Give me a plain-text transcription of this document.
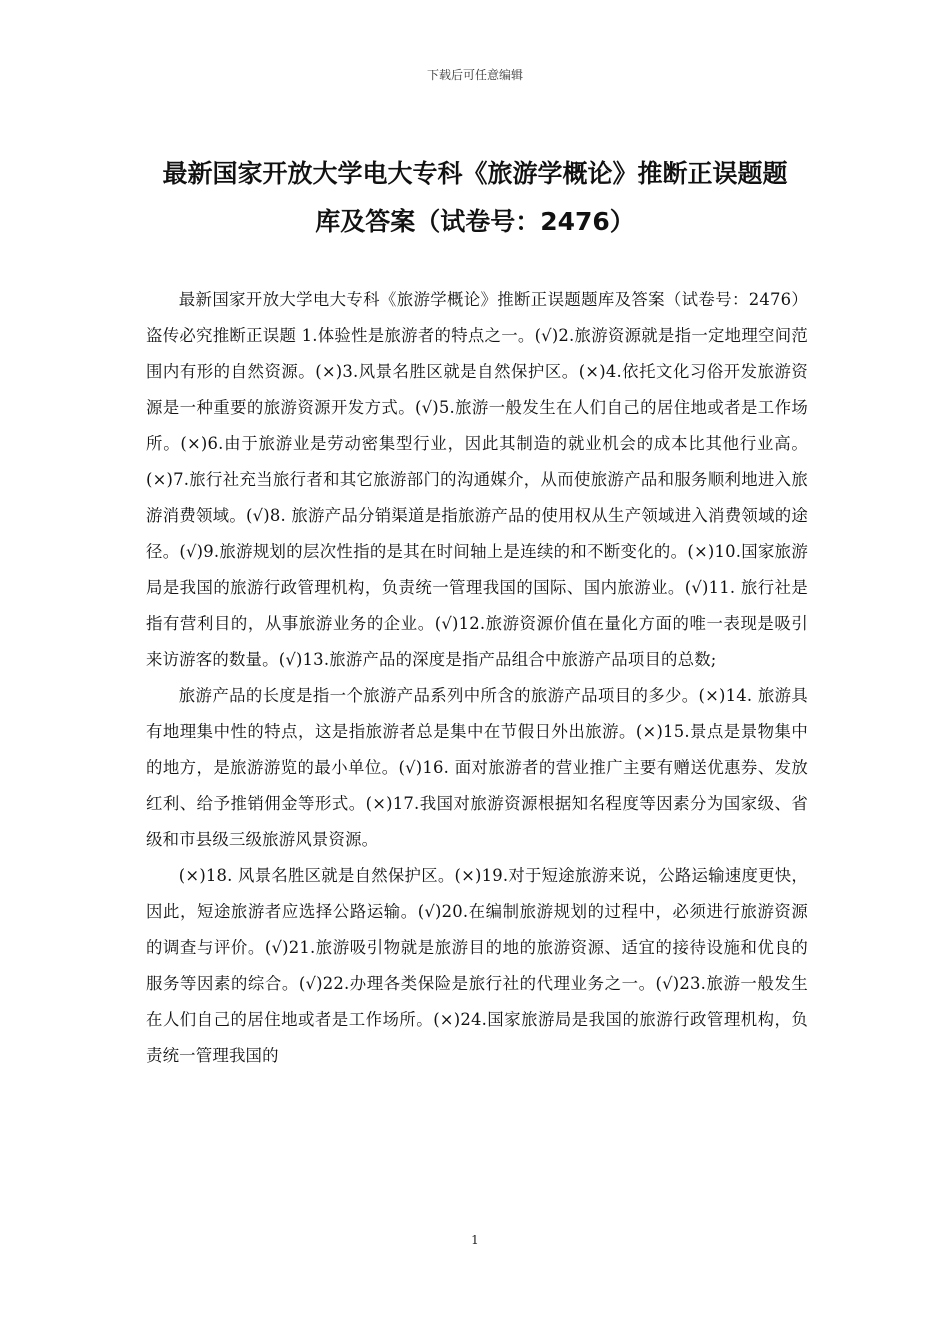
下载后可任意编辑
最新国家开放大学电大专科《旅游学概论》推断正误题题
库及答案（试卷号：2476）

最新国家开放大学电大专科《旅游学概论》推断正误题题库及答案（试卷号：2476）盗传必究推断正误题 1.体验性是旅游者的特点之一。(√)2.旅游资源就是指一定地理空间范围内有形的自然资源。(×)3.风景名胜区就是自然保护区。(×)4.依托文化习俗开发旅游资源是一种重要的旅游资源开发方式。(√)5.旅游一般发生在人们自己的居住地或者是工作场所。(×)6.由于旅游业是劳动密集型行业，因此其制造的就业机会的成本比其他行业高。(×)7.旅行社充当旅行者和其它旅游部门的沟通媒介，从而使旅游产品和服务顺利地进入旅游消费领域。(√)8. 旅游产品分销渠道是指旅游产品的使用权从生产领域进入消费领域的途径。(√)9.旅游规划的层次性指的是其在时间轴上是连续的和不断变化的。(×)10.国家旅游局是我国的旅游行政管理机构，负责统一管理我国的国际、国内旅游业。(√)11. 旅行社是指有营利目的，从事旅游业务的企业。(√)12.旅游资源价值在量化方面的唯一表现是吸引来访游客的数量。(√)13.旅游产品的深度是指产品组合中旅游产品项目的总数;

旅游产品的长度是指一个旅游产品系列中所含的旅游产品项目的多少。(×)14. 旅游具有地理集中性的特点，这是指旅游者总是集中在节假日外出旅游。(×)15.景点是景物集中的地方，是旅游游览的最小单位。(√)16. 面对旅游者的营业推广主要有赠送优惠券、发放红利、给予推销佣金等形式。(×)17.我国对旅游资源根据知名程度等因素分为国家级、省级和市县级三级旅游风景资源。

(×)18. 风景名胜区就是自然保护区。(×)19.对于短途旅游来说，公路运输速度更快，因此，短途旅游者应选择公路运输。(√)20.在编制旅游规划的过程中，必须进行旅游资源的调查与评价。(√)21.旅游吸引物就是旅游目的地的旅游资源、适宜的接待设施和优良的服务等因素的综合。(√)22.办理各类保险是旅行社的代理业务之一。(√)23.旅游一般发生在人们自己的居住地或者是工作场所。(×)24.国家旅游局是我国的旅游行政管理机构，负责统一管理我国的

1
